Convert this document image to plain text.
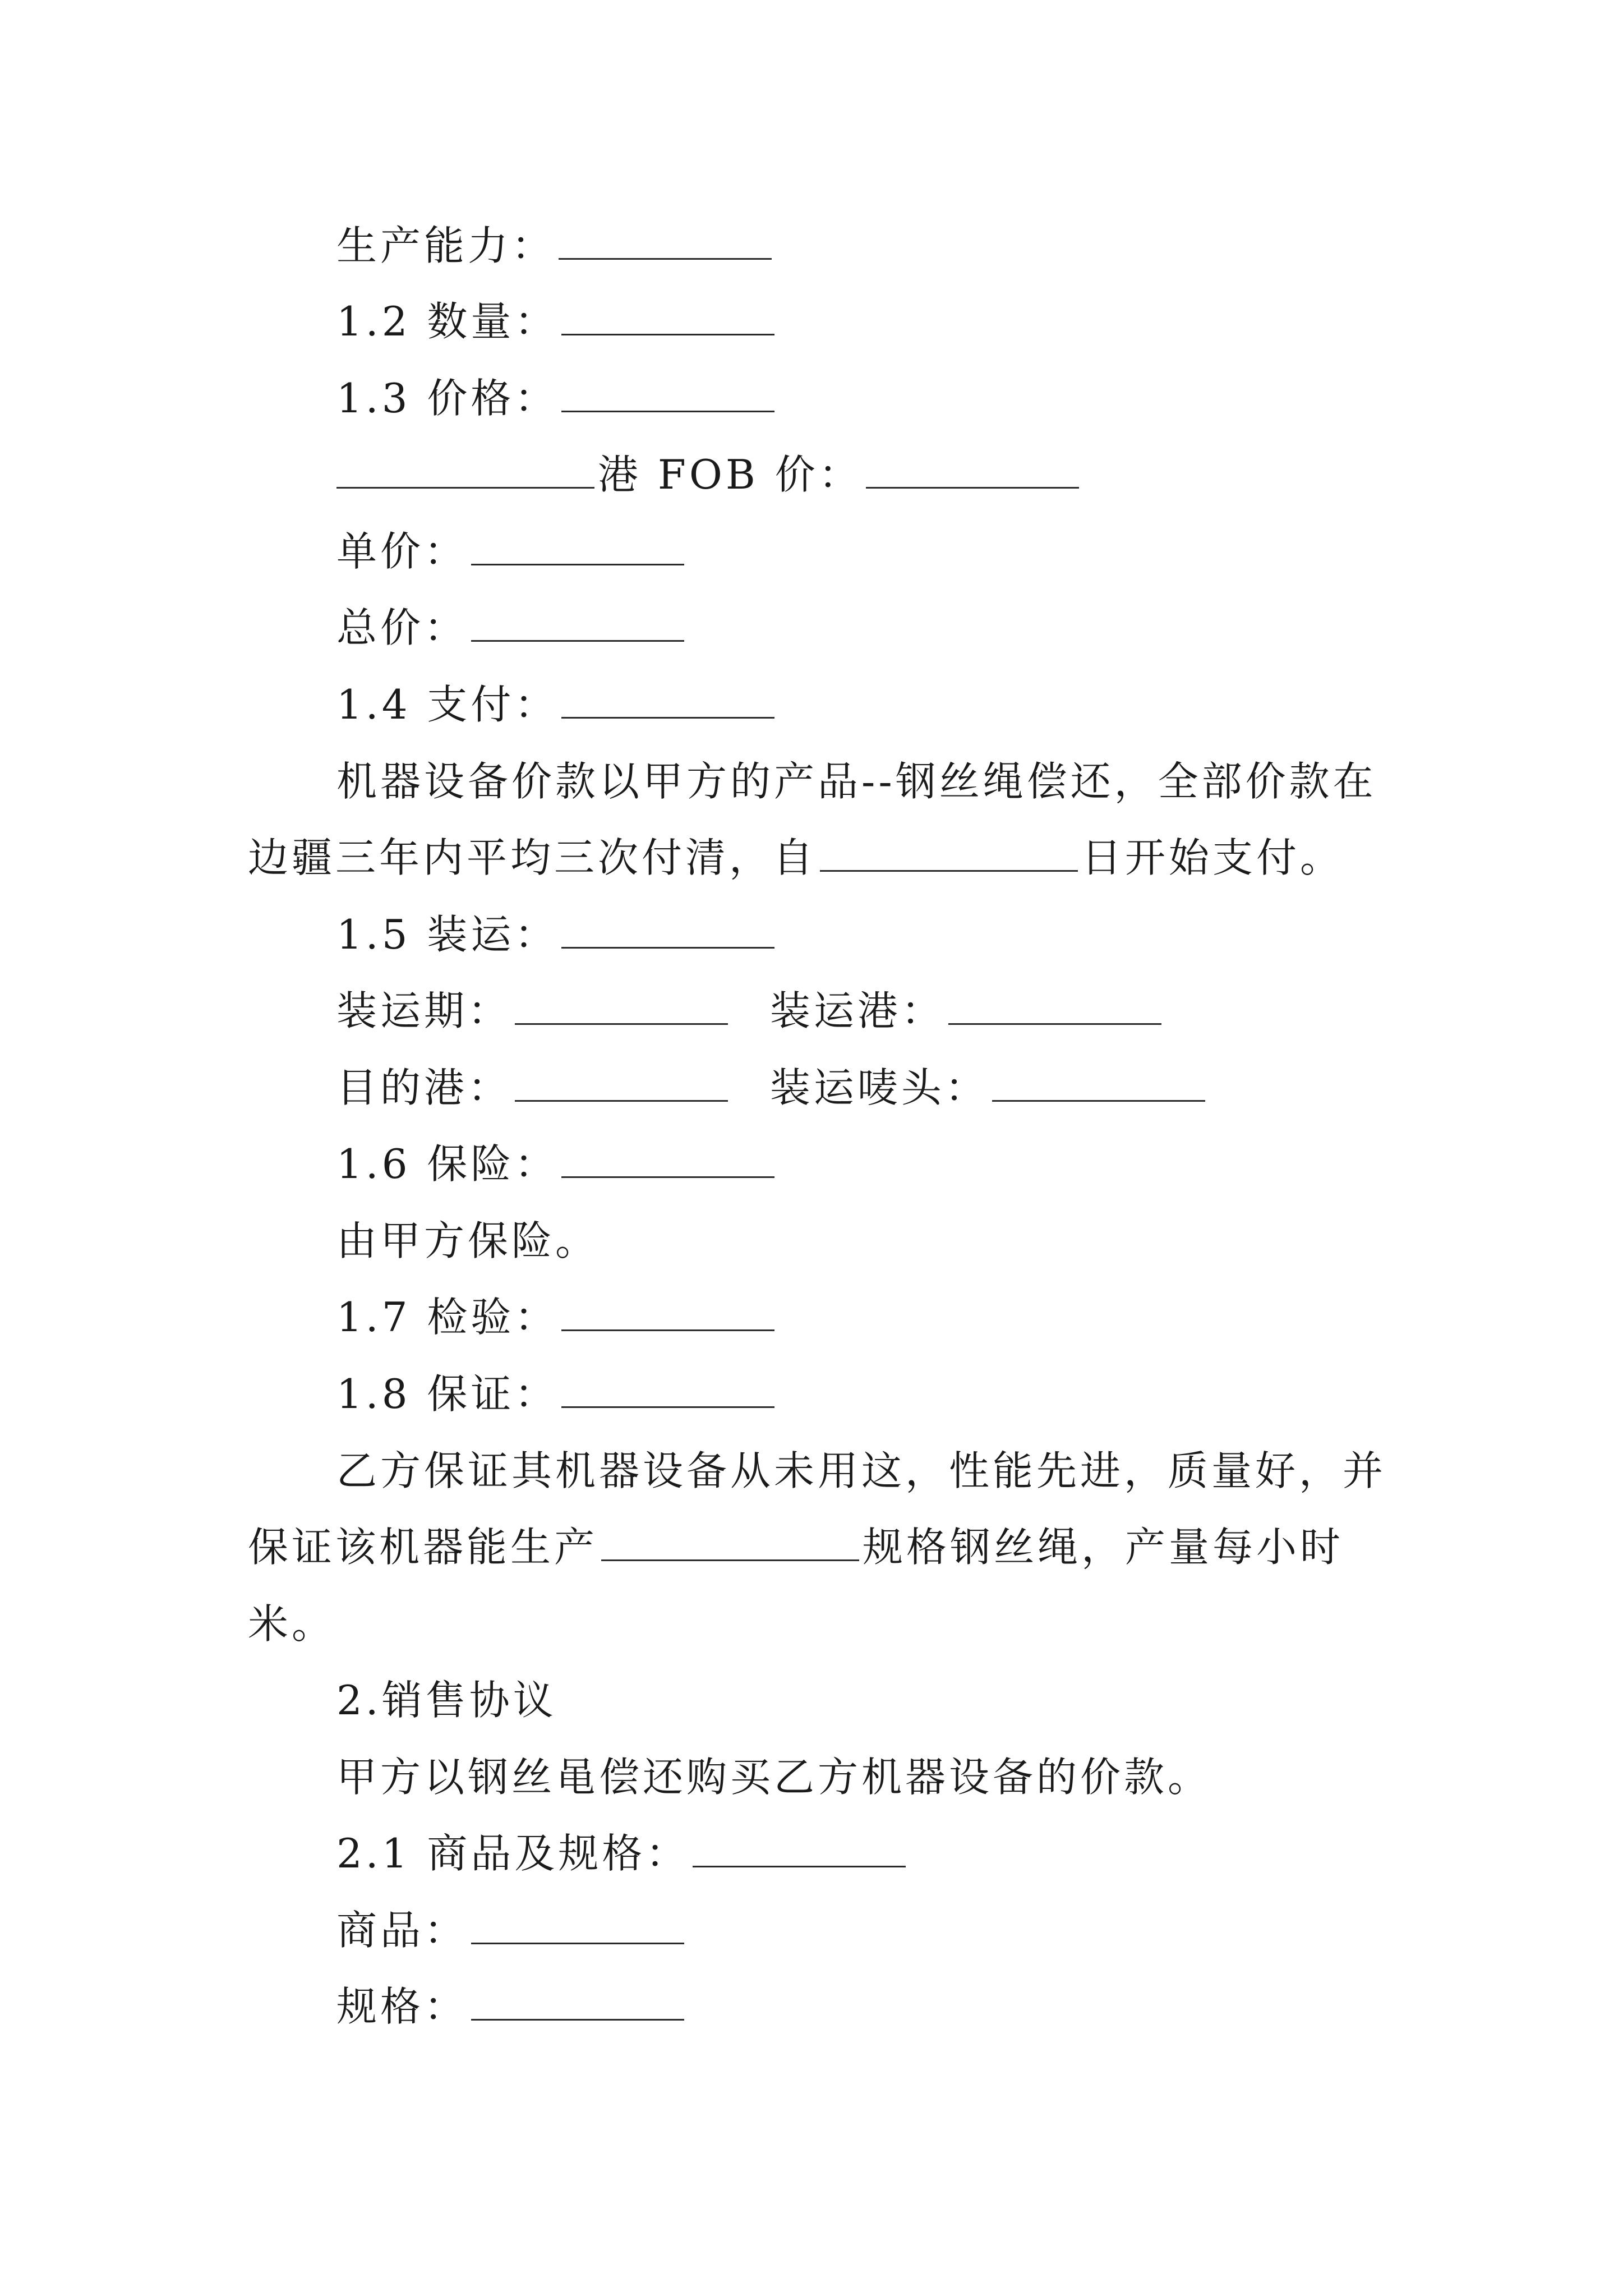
生产能力：
1.2 数量：
1.3 价格：
港 FOB 价：
单价：
总价：
1.4 支付：
机器设备价款以甲方的产品--钢丝绳偿还，全部价款在
边疆三年内平均三次付清，自	日开始支付。
1.5 装运：
装运期：	装运港：
目的港：	装运唛头：
1.6 保险：
由甲方保险。
1.7 检验：
1.8 保证：
乙方保证其机器设备从未用这，性能先进，质量好，并
保证该机器能生产	规格钢丝绳，产量每小时
米。
2.销售协议
甲方以钢丝黾偿还购买乙方机器设备的价款。
2.1 商品及规格：
商品：
规格：
